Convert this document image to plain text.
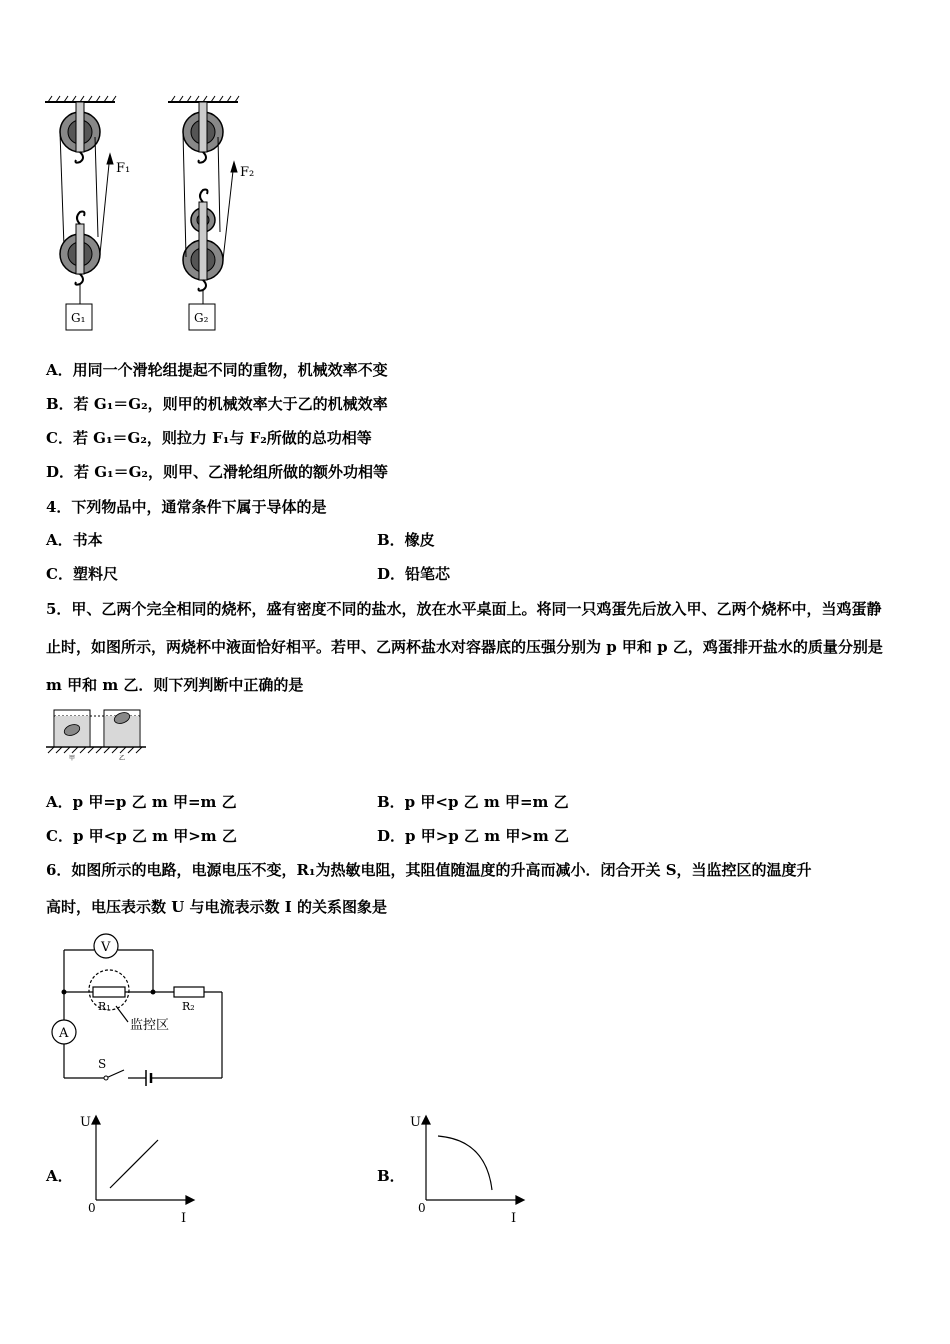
F₁
G₁
F₂
G₂
A．用同一个滑轮组提起不同的重物，机械效率不变
B．若 G₁＝G₂，则甲的机械效率大于乙的机械效率
C．若 G₁＝G₂，则拉力 F₁与 F₂所做的总功相等
D．若 G₁＝G₂，则甲、乙滑轮组所做的额外功相等
4．下列物品中，通常条件下属于导体的是
A．书本	B．橡皮
C．塑料尺	D．铅笔芯
5．甲、乙两个完全相同的烧杯，盛有密度不同的盐水，放在水平桌面上。将同一只鸡蛋先后放入甲、乙两个烧杯中，当鸡蛋静止时，如图所示，两烧杯中液面恰好相平。若甲、乙两杯盐水对容器底的压强分别为 p 甲和 p 乙，鸡蛋排开盐水的质量分别是 m 甲和 m 乙．则下列判断中正确的是
甲	乙
A．p 甲=p 乙 m 甲=m 乙	B．p 甲<p 乙 m 甲=m 乙
C．p 甲<p 乙 m 甲>m 乙	D．p 甲>p 乙 m 甲>m 乙
6．如图所示的电路，电源电压不变，R₁为热敏电阻，其阻值随温度的升高而减小．闭合开关 S，当监控区的温度升
高时，电压表示数 U 与电流表示数 I 的关系图象是
V
A
R₁	R₂
监控区
S
A．
U
I
0
B．
U
I
0
